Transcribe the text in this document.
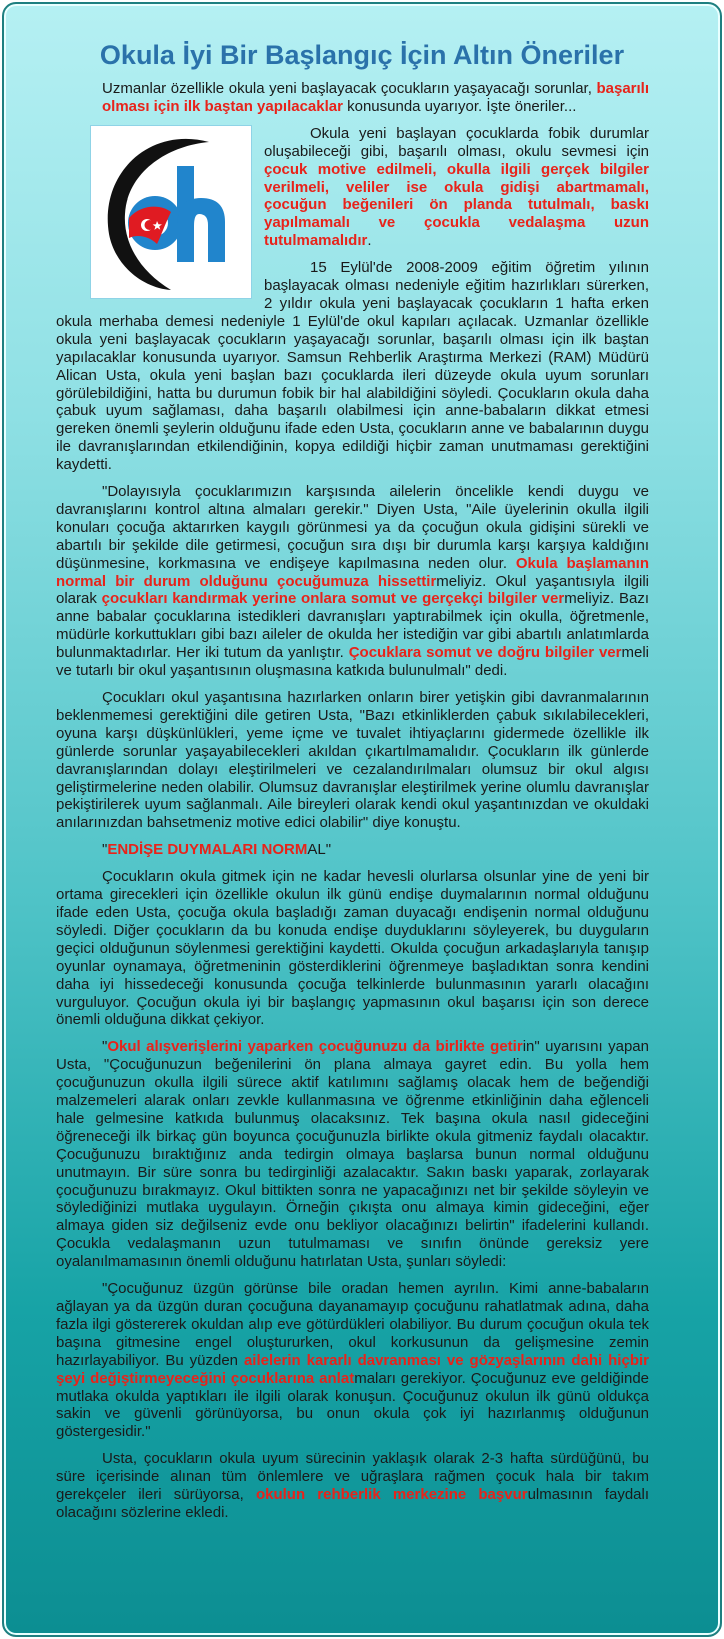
Okula İyi Bir Başlangıç İçin Altın Öneriler

Uzmanlar özellikle okula yeni başlayacak çocukların yaşayacağı sorunlar, başarılı olması için ilk baştan yapılacaklar konusunda uyarıyor. İşte öneriler...

Okula yeni başlayan çocuklarda fobik durumlar oluşabileceği gibi, başarılı olması, okulu sevmesi için çocuk motive edilmeli, okulla ilgili gerçek bilgiler verilmeli, veliler ise okula gidişi abartmamalı, çocuğun beğenileri ön planda tutulmalı, baskı yapılmamalı ve çocukla vedalaşma uzun tutulmamalıdır.

15 Eylül'de 2008-2009 eğitim öğretim yılının başlayacak olması nedeniyle eğitim hazırlıkları sürerken, 2 yıldır okula yeni başlayacak çocukların 1 hafta erken okula merhaba demesi nedeniyle 1 Eylül'de okul kapıları açılacak. Uzmanlar özellikle okula yeni başlayacak çocukların yaşayacağı sorunlar, başarılı olması için ilk baştan yapılacaklar konusunda uyarıyor. Samsun Rehberlik Araştırma Merkezi (RAM) Müdürü Alican Usta, okula yeni başlan bazı çocuklarda ileri düzeyde okula uyum sorunları görülebildiğini, hatta bu durumun fobik bir hal alabildiğini söyledi. Çocukların okula daha çabuk uyum sağlaması, daha başarılı olabilmesi için anne-babaların dikkat etmesi gereken önemli şeylerin olduğunu ifade eden Usta, çocukların anne ve babalarının duygu ile davranışlarından etkilendiğinin, kopya edildiği hiçbir zaman unutmaması gerektiğini kaydetti.

"Dolayısıyla çocuklarımızın karşısında ailelerin öncelikle kendi duygu ve davranışlarını kontrol altına almaları gerekir." Diyen Usta, "Aile üyelerinin okulla ilgili konuları çocuğa aktarırken kaygılı görünmesi ya da çocuğun okula gidişini sürekli ve abartılı bir şekilde dile getirmesi, çocuğun sıra dışı bir durumla karşı karşıya kaldığını düşünmesine, korkmasına ve endişeye kapılmasına neden olur. Okula başlamanın normal bir durum olduğunu çocuğumuza hissettirmeliyiz. Okul yaşantısıyla ilgili olarak çocukları kandırmak yerine onlara somut ve gerçekçi bilgiler vermeliyiz. Bazı anne babalar çocuklarına istedikleri davranışları yaptırabilmek için okulla, öğretmenle, müdürle korkuttukları gibi bazı aileler de okulda her istediğin var gibi abartılı anlatımlarda bulunmaktadırlar. Her iki tutum da yanlıştır. Çocuklara somut ve doğru bilgiler vermeli ve tutarlı bir okul yaşantısının oluşmasına katkıda bulunulmalı" dedi.

Çocukları okul yaşantısına hazırlarken onların birer yetişkin gibi davranmalarının beklenmemesi gerektiğini dile getiren Usta, "Bazı etkinliklerden çabuk sıkılabilecekleri, oyuna karşı düşkünlükleri, yeme içme ve tuvalet ihtiyaçlarını gidermede özellikle ilk günlerde sorunlar yaşayabilecekleri akıldan çıkartılmamalıdır. Çocukların ilk günlerde davranışlarından dolayı eleştirilmeleri ve cezalandırılmaları olumsuz bir okul algısı geliştirmelerine neden olabilir. Olumsuz davranışlar eleştirilmek yerine olumlu davranışlar pekiştirilerek uyum sağlanmalı. Aile bireyleri olarak kendi okul yaşantınızdan ve okuldaki anılarınızdan bahsetmeniz motive edici olabilir" diye konuştu.

"ENDİŞE DUYMALARI NORMAL"

Çocukların okula gitmek için ne kadar hevesli olurlarsa olsunlar yine de yeni bir ortama girecekleri için özellikle okulun ilk günü endişe duymalarının normal olduğunu ifade eden Usta, çocuğa okula başladığı zaman duyacağı endişenin normal olduğunu söyledi. Diğer çocukların da bu konuda endişe duyduklarını söyleyerek, bu duyguların geçici olduğunun söylenmesi gerektiğini kaydetti. Okulda çocuğun arkadaşlarıyla tanışıp oyunlar oynamaya, öğretmeninin gösterdiklerini öğrenmeye başladıktan sonra kendini daha iyi hissedeceği konusunda çocuğa telkinlerde bulunmasının yararlı olacağını vurguluyor. Çocuğun okula iyi bir başlangıç yapmasının okul başarısı için son derece önemli olduğuna dikkat çekiyor.

"Okul alışverişlerini yaparken çocuğunuzu da birlikte getirin" uyarısını yapan Usta, "Çocuğunuzun beğenilerini ön plana almaya gayret edin. Bu yolla hem çocuğunuzun okulla ilgili sürece aktif katılımını sağlamış olacak hem de beğendiği malzemeleri alarak onları zevkle kullanmasına ve öğrenme etkinliğinin daha eğlenceli hale gelmesine katkıda bulunmuş olacaksınız. Tek başına okula nasıl gideceğini öğreneceği ilk birkaç gün boyunca çocuğunuzla birlikte okula gitmeniz faydalı olacaktır. Çocuğunuzu bıraktığınız anda tedirgin olmaya başlarsa bunun normal olduğunu unutmayın. Bir süre sonra bu tedirginliği azalacaktır. Sakın baskı yaparak, zorlayarak çocuğunuzu bırakmayız. Okul bittikten sonra ne yapacağınızı net bir şekilde söyleyin ve söylediğinizi mutlaka uygulayın. Örneğin çıkışta onu almaya kimin gideceğini, eğer almaya giden siz değilseniz evde onu bekliyor olacağınızı belirtin" ifadelerini kullandı. Çocukla vedalaşmanın uzun tutulmaması ve sınıfın önünde gereksiz yere oyalanılmamasının önemli olduğunu hatırlatan Usta, şunları söyledi:

"Çocuğunuz üzgün görünse bile oradan hemen ayrılın. Kimi anne-babaların ağlayan ya da üzgün duran çocuğuna dayanamayıp çocuğunu rahatlatmak adına, daha fazla ilgi göstererek okuldan alıp eve götürdükleri olabiliyor. Bu durum çocuğun okula tek başına gitmesine engel oluştururken, okul korkusunun da gelişmesine zemin hazırlayabiliyor. Bu yüzden ailelerin kararlı davranması ve gözyaşlarının dahi hiçbir şeyi değiştirmeyeceğini çocuklarına anlatmaları gerekiyor. Çocuğunuz eve geldiğinde mutlaka okulda yaptıkları ile ilgili olarak konuşun. Çocuğunuz okulun ilk günü oldukça sakin ve güvenli görünüyorsa, bu onun okula çok iyi hazırlanmış olduğunun göstergesidir."

Usta, çocukların okula uyum sürecinin yaklaşık olarak 2-3 hafta sürdüğünü, bu süre içerisinde alınan tüm önlemlere ve uğraşlara rağmen çocuk hala bir takım gerekçeler ileri sürüyorsa, okulun rehberlik merkezine başvurulmasının faydalı olacağını sözlerine ekledi.
